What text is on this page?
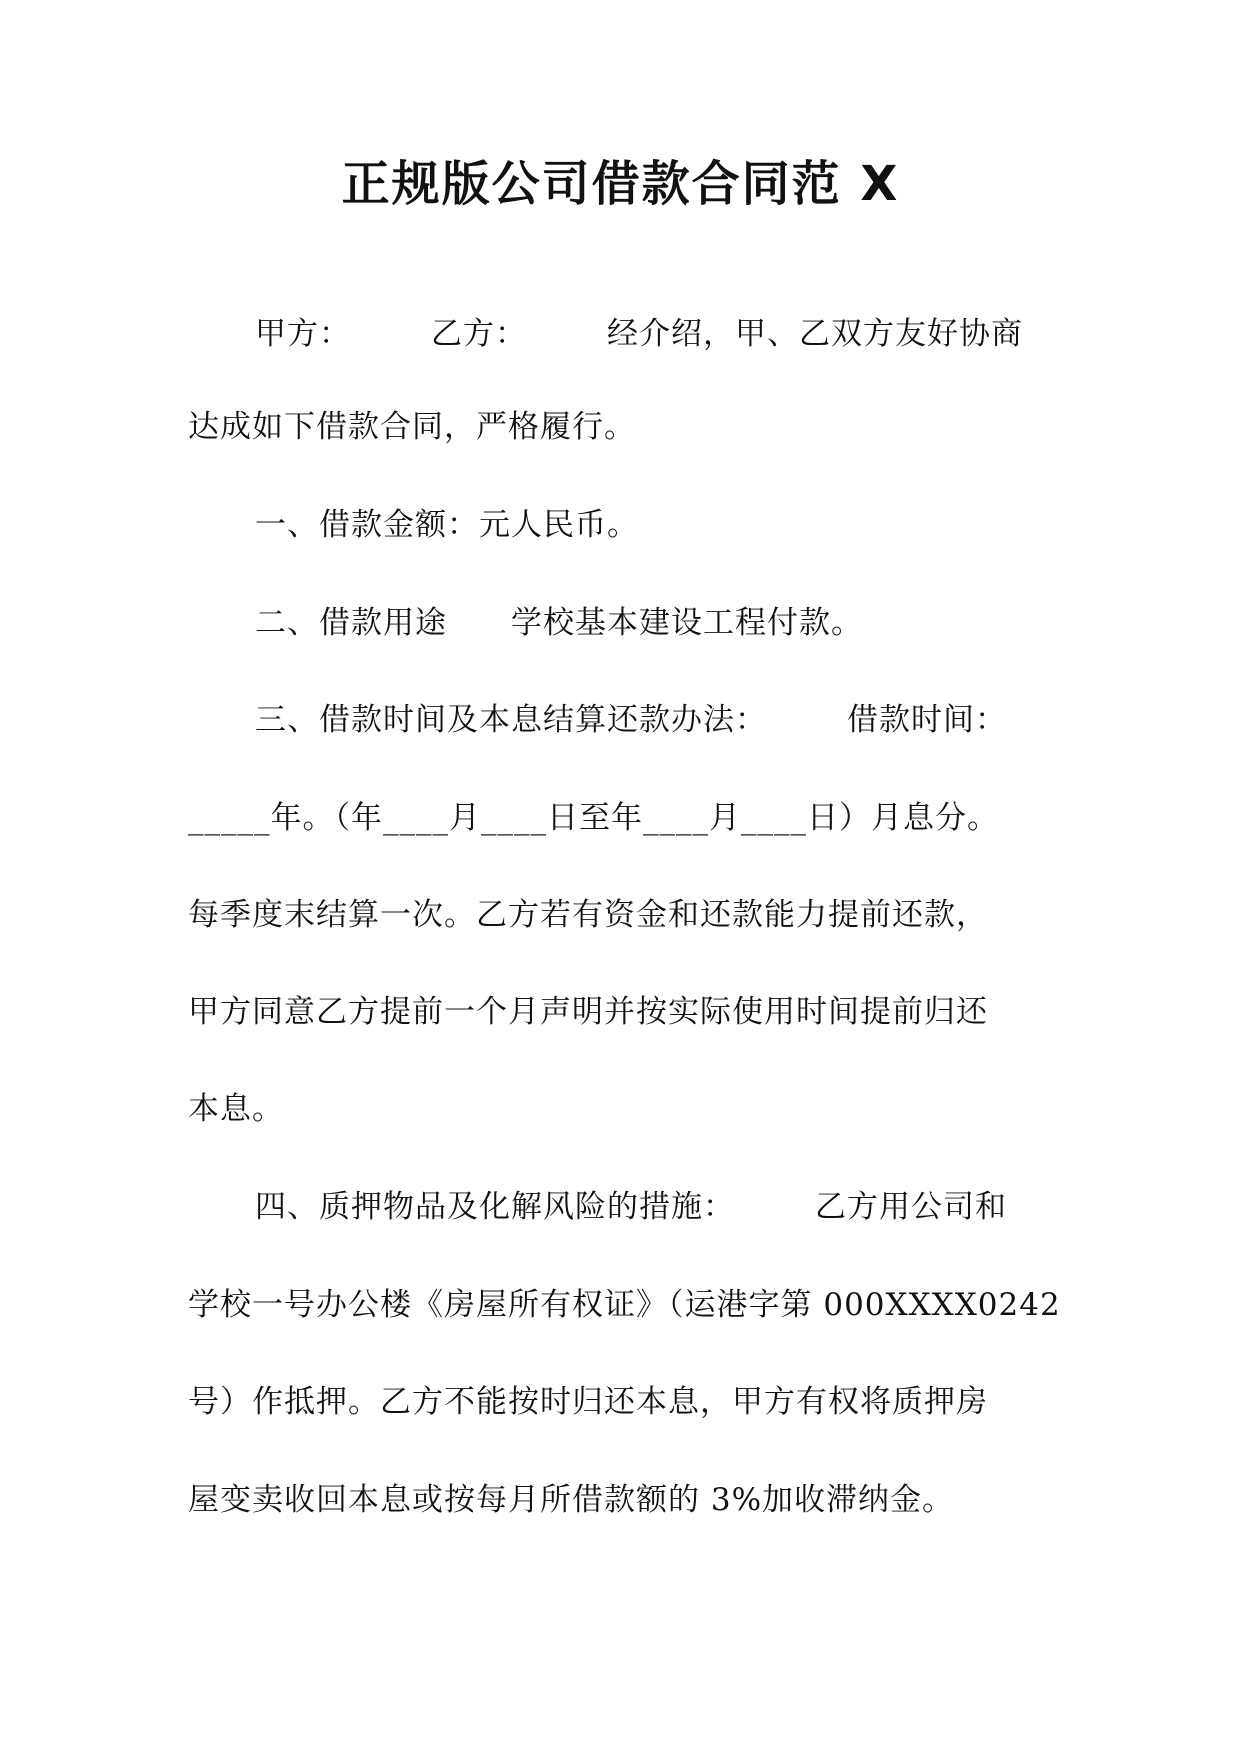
正规版公司借款合同范 X
甲方：	乙方：	经介绍，甲、乙双方友好协商
达成如下借款合同，严格履行。
一、借款金额：元人民币。
二、借款用途 学校基本建设工程付款。
三、借款时间及本息结算还款办法：	借款时间：
_____年。（年____月____日至年____月____日）月息分。
每季度末结算一次。乙方若有资金和还款能力提前还款，
甲方同意乙方提前一个月声明并按实际使用时间提前归还
本息。
四、质押物品及化解风险的措施：	乙方用公司和
学校一号办公楼《房屋所有权证》（运港字第 000XXXX0242
号）作抵押。乙方不能按时归还本息，甲方有权将质押房
屋变卖收回本息或按每月所借款额的 3%加收滞纳金。
